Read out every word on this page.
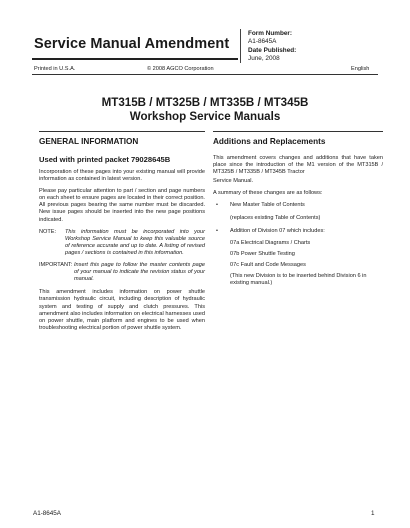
Service Manual Amendment
Form Number:
A1-8645A
Date Published:
June, 2008
Printed in U.S.A.	© 2008 AGCO Corporation	English
MT315B / MT325B / MT335B / MT345B
Workshop Service Manuals
GENERAL INFORMATION
Used with printed packet 79028645B

Incorporation of these pages into your existing manual will provide information as contained in latest version.

Please pay particular attention to part / section and page numbers on each sheet to ensure pages are located in their correct position. All previous pages bearing the same number must be discarded. New issue pages should be inserted into the new page positions indicated.

NOTE:	This information must be incorporated into your Workshop Service Manual to keep this valuable source of reference accurate and up to date. A listing of revised pages / sections is contained in this information.
IMPORTANT: Insert this page to follow the master contents page of your manual to indicate the revision status of your manual.

This amendment includes information on power shuttle transmission hydraulic circuit, including description of hydraulic system and testing of supply and clutch pressures. This amendment also includes information on electrical harnesses used on power shuttle, main platform and engines to be used when troubleshooting electrical portion of power shuttle system.

Additions and Replacements

This amendment covers changes and additions that have taken place since the introduction of the M1 version of the MT315B / MT325B / MT335B / MT345B Tractor

Service Manual.

A summary of these changes are as follows:

•	New Master Table of Contents
(replaces existing Table of Contents)
•	Addition of Division 07 which includes:
07a Electrical Diagrams / Charts
07b Power Shuttle Testing
07c Fault and Code Messages
(This new Division is to be inserted behind Division 6 in existing manual.)
A1-8645A	1
